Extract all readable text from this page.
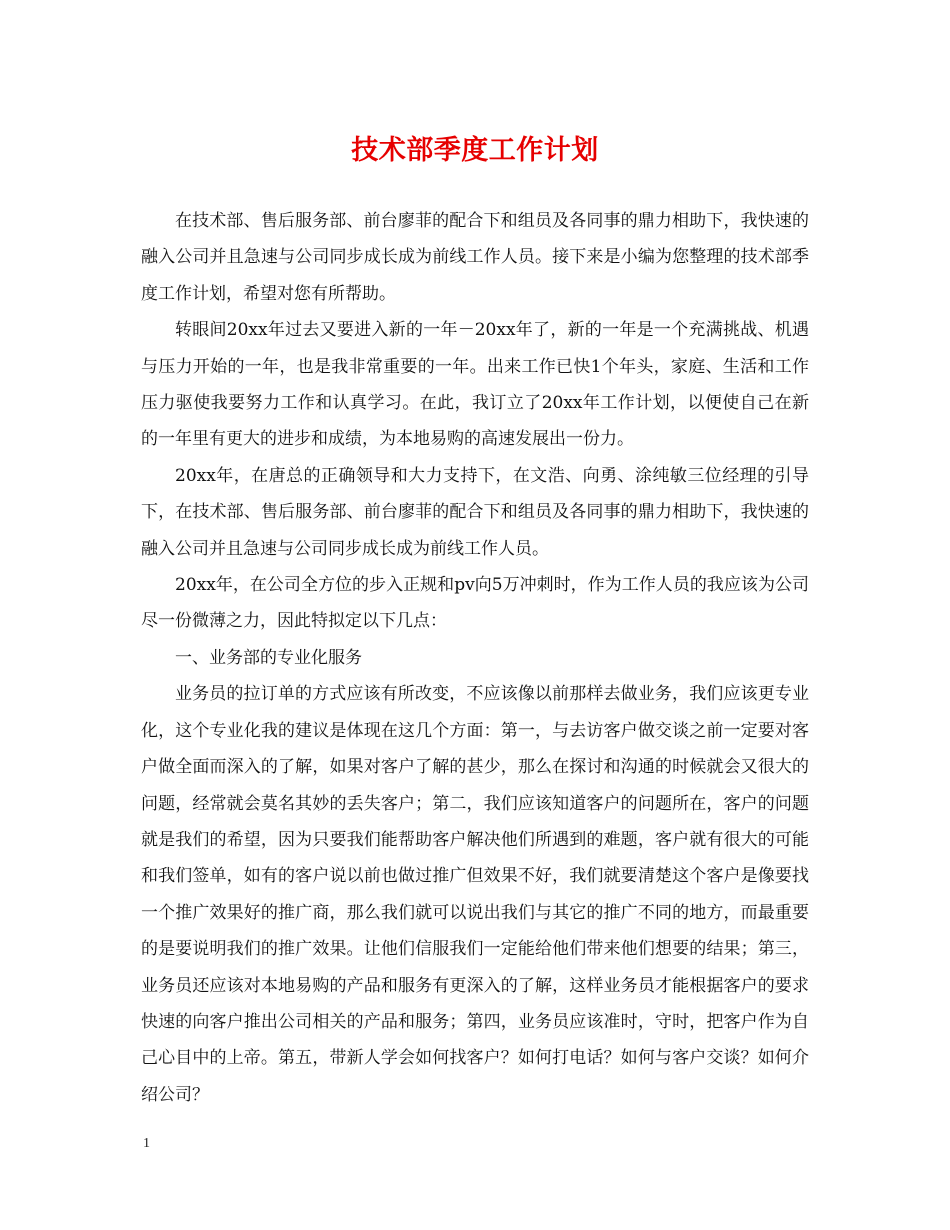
技术部季度工作计划

在技术部、售后服务部、前台廖菲的配合下和组员及各同事的鼎力相助下，我快速的融入公司并且急速与公司同步成长成为前线工作人员。接下来是小编为您整理的技术部季度工作计划，希望对您有所帮助。

转眼间20xx年过去又要进入新的一年－20xx年了，新的一年是一个充满挑战、机遇与压力开始的一年，也是我非常重要的一年。出来工作已快1个年头，家庭、生活和工作压力驱使我要努力工作和认真学习。在此，我订立了20xx年工作计划，以便使自己在新的一年里有更大的进步和成绩，为本地易购的高速发展出一份力。

20xx年，在唐总的正确领导和大力支持下，在文浩、向勇、涂纯敏三位经理的引导下，在技术部、售后服务部、前台廖菲的配合下和组员及各同事的鼎力相助下，我快速的融入公司并且急速与公司同步成长成为前线工作人员。

20xx年，在公司全方位的步入正规和pv向5万冲刺时，作为工作人员的我应该为公司尽一份微薄之力，因此特拟定以下几点：

一、业务部的专业化服务

业务员的拉订单的方式应该有所改变，不应该像以前那样去做业务，我们应该更专业化，这个专业化我的建议是体现在这几个方面：第一，与去访客户做交谈之前一定要对客户做全面而深入的了解，如果对客户了解的甚少，那么在探讨和沟通的时候就会又很大的问题，经常就会莫名其妙的丢失客户；第二，我们应该知道客户的问题所在，客户的问题就是我们的希望，因为只要我们能帮助客户解决他们所遇到的难题，客户就有很大的可能和我们签单，如有的客户说以前也做过推广但效果不好，我们就要清楚这个客户是像要找一个推广效果好的推广商，那么我们就可以说出我们与其它的推广不同的地方，而最重要的是要说明我们的推广效果。让他们信服我们一定能给他们带来他们想要的结果；第三，业务员还应该对本地易购的产品和服务有更深入的了解，这样业务员才能根据客户的要求快速的向客户推出公司相关的产品和服务；第四，业务员应该准时，守时，把客户作为自己心目中的上帝。第五，带新人学会如何找客户？如何打电话？如何与客户交谈？如何介绍公司？

1
